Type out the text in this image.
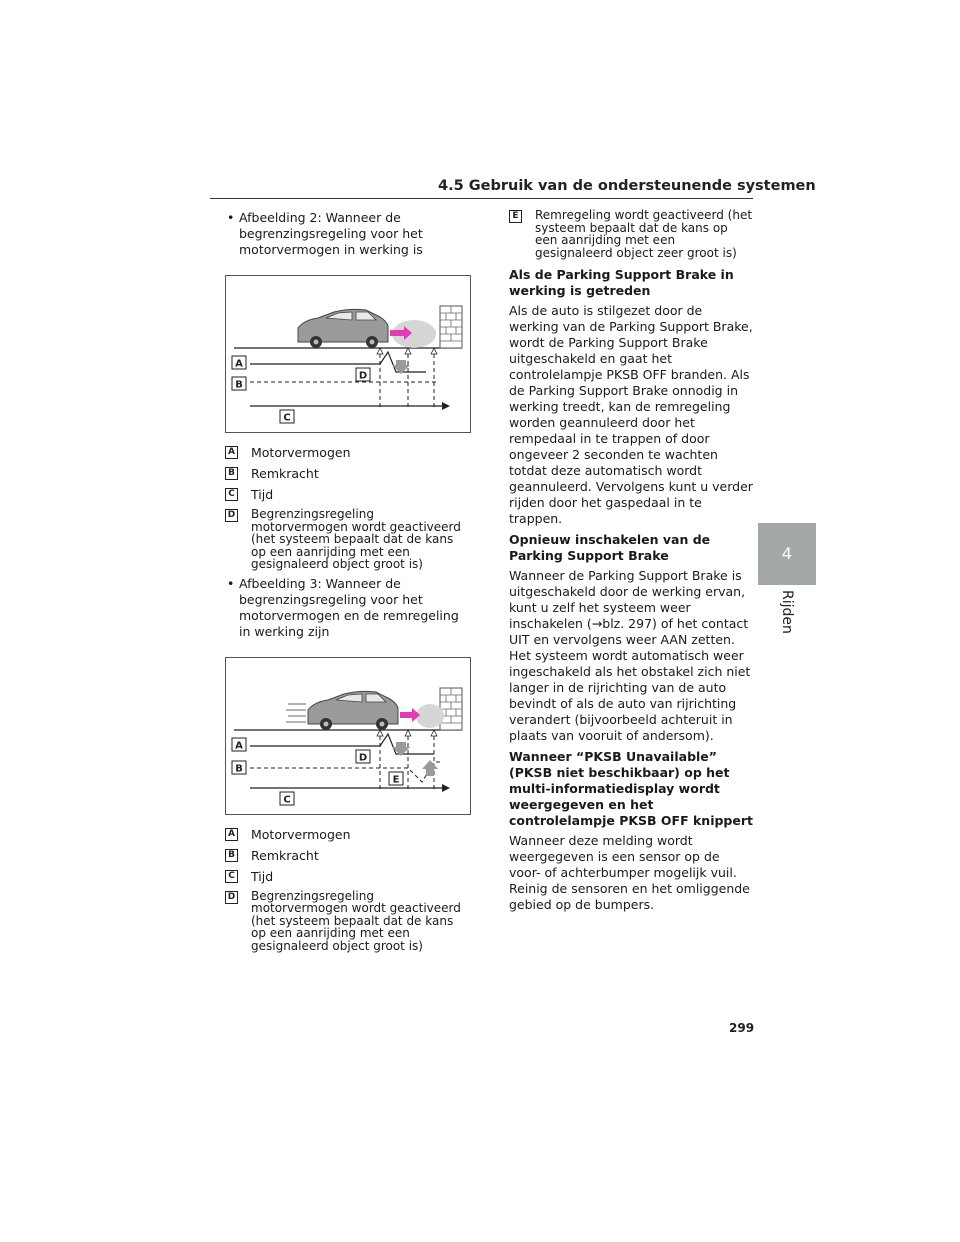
4.5 Gebruik van de ondersteunende systemen
4
Rijden
• Afbeelding 2: Wanneer de begrenzingsregeling voor het motorvermogen in werking is
A
B
D
C
A Motorvermogen
B Remkracht
C Tijd
D Begrenzingsregeling motorvermogen wordt geactiveerd (het systeem bepaalt dat de kans op een aanrijding met een gesignaleerd object groot is)
• Afbeelding 3: Wanneer de begrenzingsregeling voor het motorvermogen en de remregeling in werking zijn
A
B
D
E
C
A Motorvermogen
B Remkracht
C Tijd
D Begrenzingsregeling motorvermogen wordt geactiveerd (het systeem bepaalt dat de kans op een aanrijding met een gesignaleerd object groot is)
E Remregeling wordt geactiveerd (het systeem bepaalt dat de kans op een aanrijding met een gesignaleerd object zeer groot is)

Als de Parking Support Brake in werking is getreden

Als de auto is stilgezet door de werking van de Parking Support Brake, wordt de Parking Support Brake uitgeschakeld en gaat het controlelampje PKSB OFF branden. Als de Parking Support Brake onnodig in werking treedt, kan de remregeling worden geannuleerd door het rempedaal in te trappen of door ongeveer 2 seconden te wachten totdat deze automatisch wordt geannuleerd. Vervolgens kunt u verder rijden door het gaspedaal in te trappen.

Opnieuw inschakelen van de Parking Support Brake

Wanneer de Parking Support Brake is uitgeschakeld door de werking ervan, kunt u zelf het systeem weer inschakelen (→blz. 297) of het contact UIT en vervolgens weer AAN zetten. Het systeem wordt automatisch weer ingeschakeld als het obstakel zich niet langer in de rijrichting van de auto bevindt of als de auto van rijrichting verandert (bijvoorbeeld achteruit in plaats van vooruit of andersom).

Wanneer “PKSB Unavailable” (PKSB niet beschikbaar) op het multi-informatiedisplay wordt weergegeven en het controlelampje PKSB OFF knippert

Wanneer deze melding wordt weergegeven is een sensor op de voor- of achterbumper mogelijk vuil. Reinig de sensoren en het omliggende gebied op de bumpers.

299
